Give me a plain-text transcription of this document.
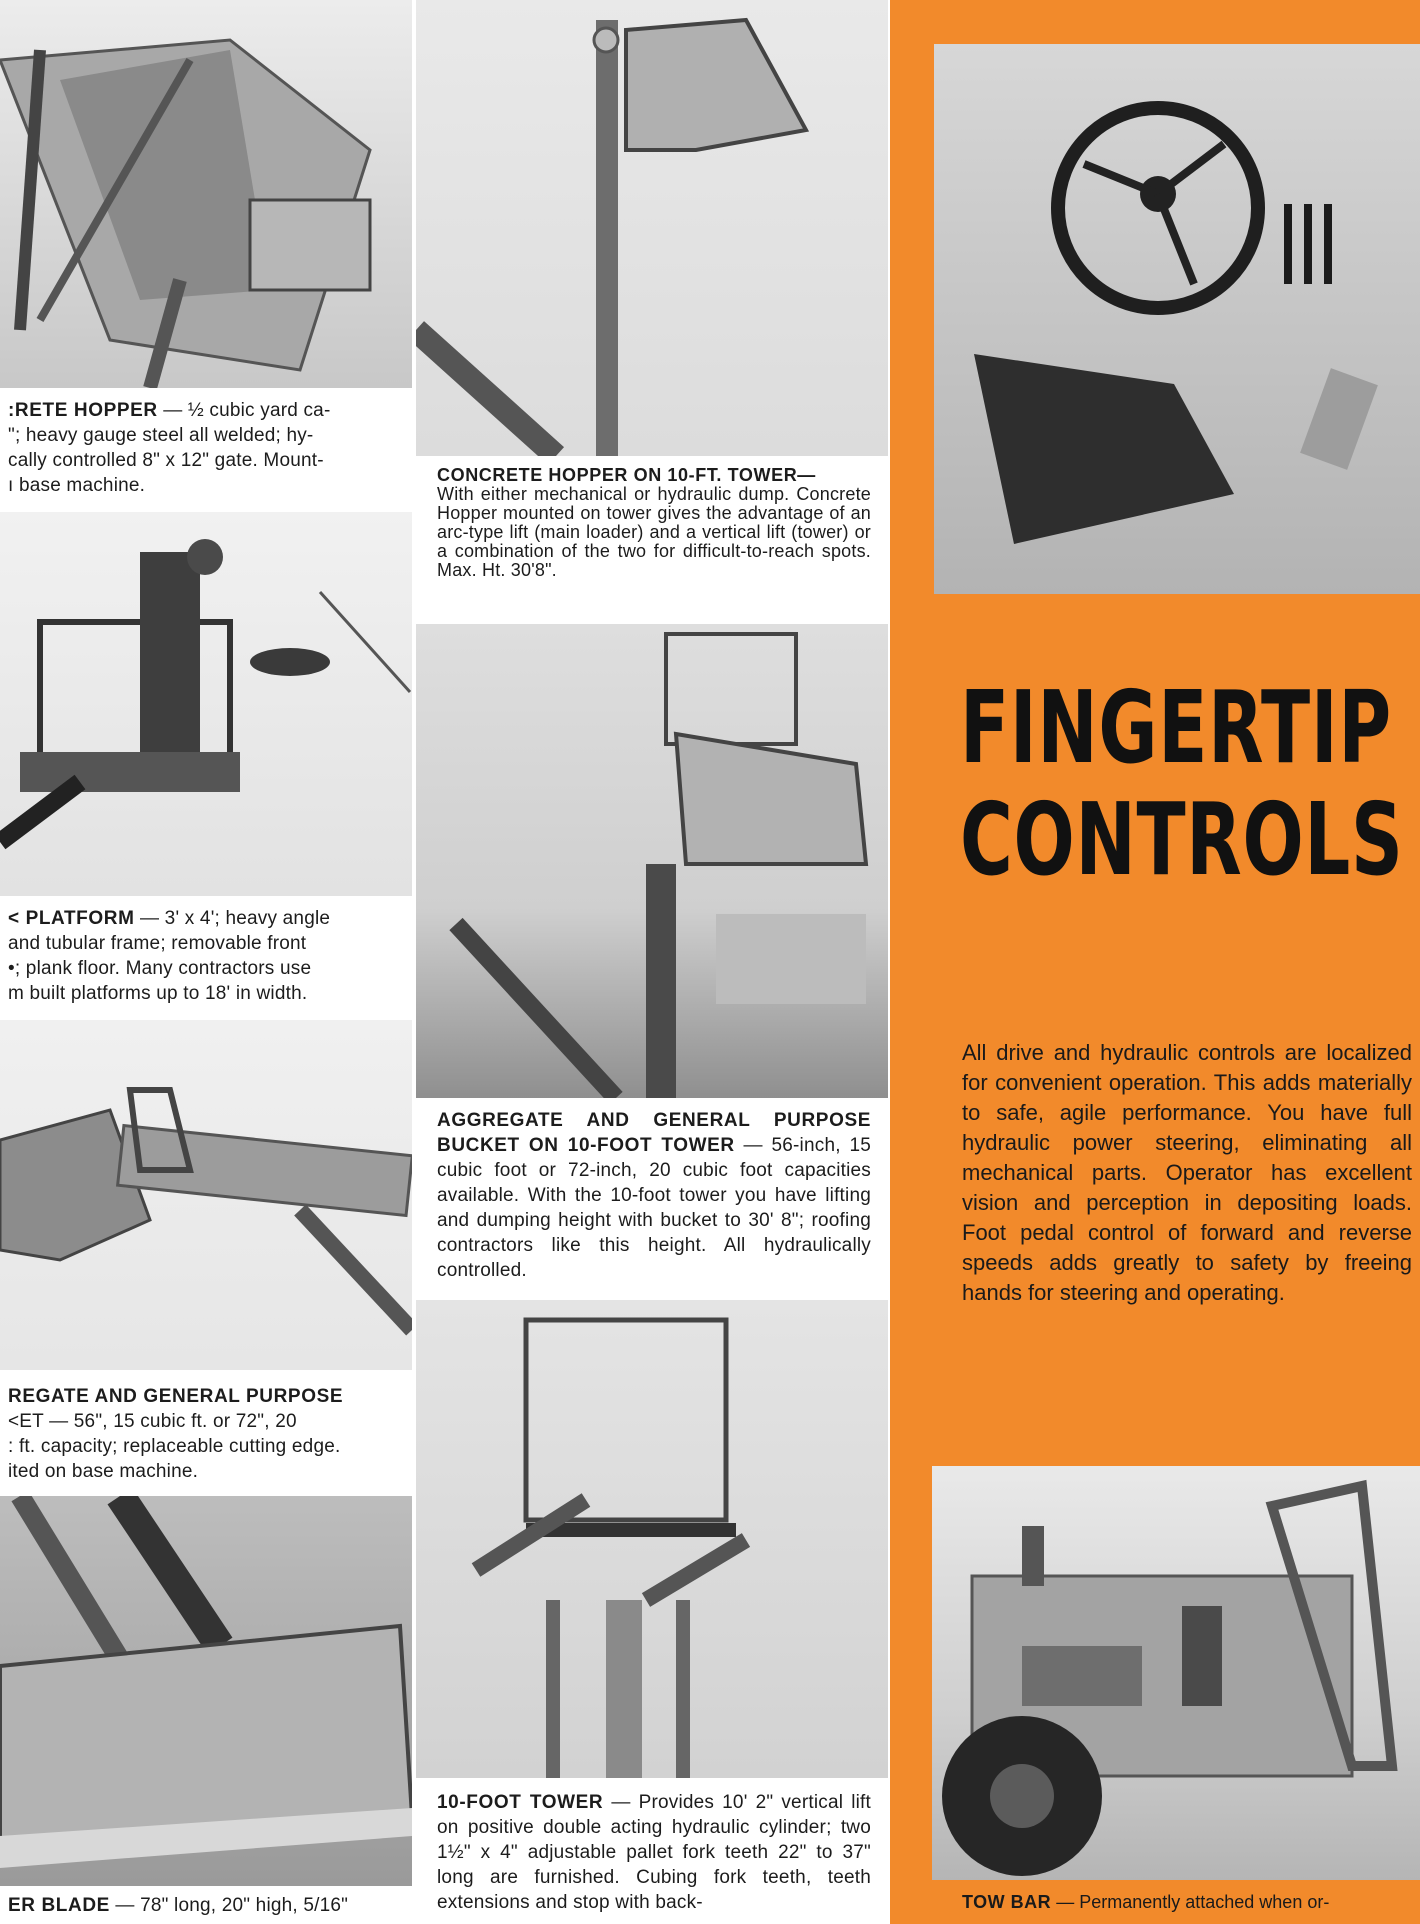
:RETE HOPPER — ½ cubic yard ca-
"; heavy gauge steel all welded; hy-
cally controlled 8" x 12" gate. Mount-
ı base machine.
< PLATFORM — 3' x 4'; heavy angle
and tubular frame; removable front
•; plank floor. Many contractors use
m built platforms up to 18' in width.
REGATE AND GENERAL PURPOSE
<ET — 56", 15 cubic ft. or 72", 20
: ft. capacity; replaceable cutting edge.
ited on base machine.
ER BLADE — 78" long, 20" high, 5/16"
CONCRETE HOPPER ON 10-FT. TOWER—
With either mechanical or hydraulic dump. Concrete Hopper mounted on tower gives the advantage of an arc-type lift (main loader) and a vertical lift (tower) or a combination of the two for difficult-to-reach spots. Max. Ht. 30'8".
AGGREGATE AND GENERAL PURPOSE BUCKET ON 10-FOOT TOWER — 56-inch, 15 cubic foot or 72-inch, 20 cubic foot capacities available. With the 10-foot tower you have lifting and dumping height with bucket to 30' 8"; roofing contractors like this height. All hydraulically controlled.
10-FOOT TOWER — Provides 10' 2" vertical lift on positive double acting hydraulic cylinder; two 1½" x 4" adjustable pallet fork teeth 22" to 37" long are furnished. Cubing fork teeth, teeth extensions and stop with back-
FINGERTIP
CONTROLS
All drive and hydraulic controls are localized for convenient operation. This adds materially to safe, agile performance. You have full hydraulic power steering, eliminating all mechanical parts. Operator has excellent vision and perception in depositing loads. Foot pedal control of forward and reverse speeds adds greatly to safety by freeing hands for steering and operating.
TOW BAR — Permanently attached when or-
